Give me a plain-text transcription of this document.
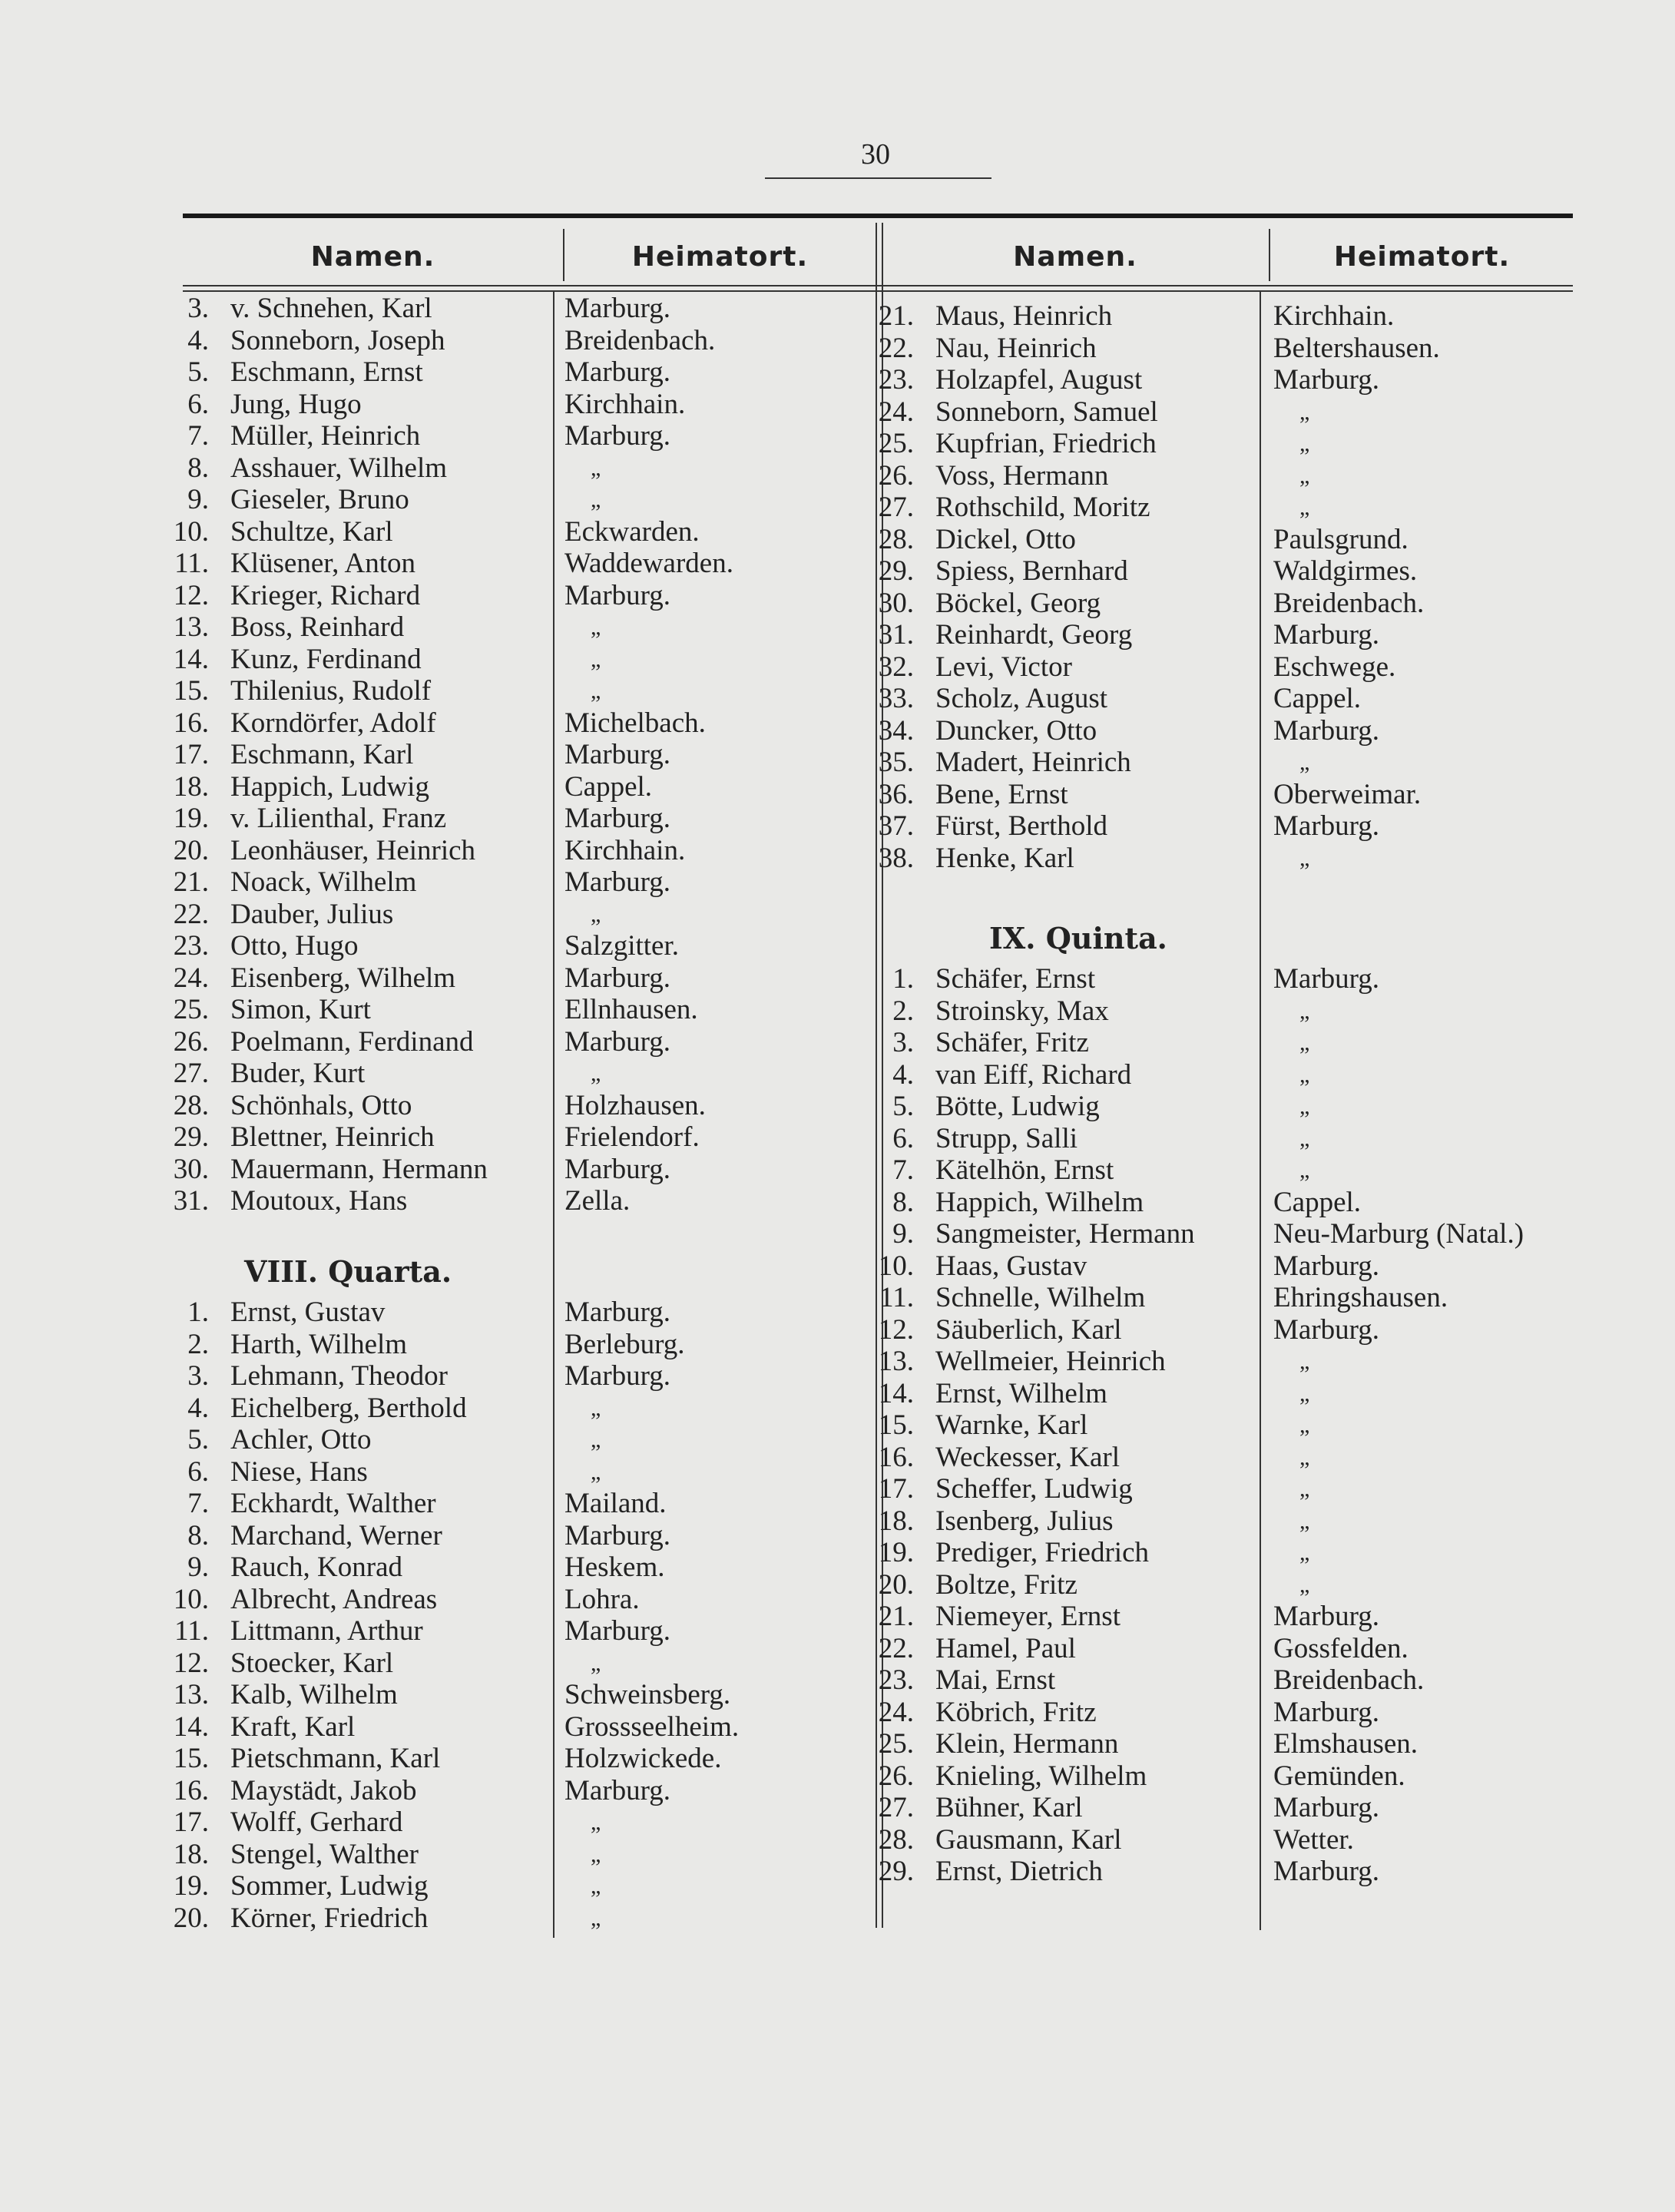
30
Namen.	Heimatort.	Namen.	Heimatort.
3. v. Schnehen, Karl	Marburg.
4. Sonneborn, Joseph	Breidenbach.
5. Eschmann, Ernst	Marburg.
6. Jung, Hugo	Kirchhain.
7. Müller, Heinrich	Marburg.
8. Asshauer, Wilhelm	„
9. Gieseler, Bruno	„
10. Schultze, Karl	Eckwarden.
11. Klüsener, Anton	Waddewarden.
12. Krieger, Richard	Marburg.
13. Boss, Reinhard	„
14. Kunz, Ferdinand	„
15. Thilenius, Rudolf	„
16. Korndörfer, Adolf	Michelbach.
17. Eschmann, Karl	Marburg.
18. Happich, Ludwig	Cappel.
19. v. Lilienthal, Franz	Marburg.
20. Leonhäuser, Heinrich	Kirchhain.
21. Noack, Wilhelm	Marburg.
22. Dauber, Julius	„
23. Otto, Hugo	Salzgitter.
24. Eisenberg, Wilhelm	Marburg.
25. Simon, Kurt	Ellnhausen.
26. Poelmann, Ferdinand	Marburg.
27. Buder, Kurt	„
28. Schönhals, Otto	Holzhausen.
29. Blettner, Heinrich	Frielendorf.
30. Mauermann, Hermann	Marburg.
31. Moutoux, Hans	Zella.
VIII. Quarta.
1. Ernst, Gustav	Marburg.
2. Harth, Wilhelm	Berleburg.
3. Lehmann, Theodor	Marburg.
4. Eichelberg, Berthold	„
5. Achler, Otto	„
6. Niese, Hans	„
7. Eckhardt, Walther	Mailand.
8. Marchand, Werner	Marburg.
9. Rauch, Konrad	Heskem.
10. Albrecht, Andreas	Lohra.
11. Littmann, Arthur	Marburg.
12. Stoecker, Karl	„
13. Kalb, Wilhelm	Schweinsberg.
14. Kraft, Karl	Grossseelheim.
15. Pietschmann, Karl	Holzwickede.
16. Maystädt, Jakob	Marburg.
17. Wolff, Gerhard	„
18. Stengel, Walther	„
19. Sommer, Ludwig	„
20. Körner, Friedrich	„
21. Maus, Heinrich	Kirchhain.
22. Nau, Heinrich	Beltershausen.
23. Holzapfel, August	Marburg.
24. Sonneborn, Samuel	„
25. Kupfrian, Friedrich	„
26. Voss, Hermann	„
27. Rothschild, Moritz	„
28. Dickel, Otto	Paulsgrund.
29. Spiess, Bernhard	Waldgirmes.
30. Böckel, Georg	Breidenbach.
31. Reinhardt, Georg	Marburg.
32. Levi, Victor	Eschwege.
33. Scholz, August	Cappel.
34. Duncker, Otto	Marburg.
35. Madert, Heinrich	„
36. Bene, Ernst	Oberweimar.
37. Fürst, Berthold	Marburg.
38. Henke, Karl	„
IX. Quinta.
1. Schäfer, Ernst	Marburg.
2. Stroinsky, Max	„
3. Schäfer, Fritz	„
4. van Eiff, Richard	„
5. Bötte, Ludwig	„
6. Strupp, Salli	„
7. Kätelhön, Ernst	„
8. Happich, Wilhelm	Cappel.
9. Sangmeister, Hermann	Neu-Marburg (Natal.)
10. Haas, Gustav	Marburg.
11. Schnelle, Wilhelm	Ehringshausen.
12. Säuberlich, Karl	Marburg.
13. Wellmeier, Heinrich	„
14. Ernst, Wilhelm	„
15. Warnke, Karl	„
16. Weckesser, Karl	„
17. Scheffer, Ludwig	„
18. Isenberg, Julius	„
19. Prediger, Friedrich	„
20. Boltze, Fritz	„
21. Niemeyer, Ernst	Marburg.
22. Hamel, Paul	Gossfelden.
23. Mai, Ernst	Breidenbach.
24. Köbrich, Fritz	Marburg.
25. Klein, Hermann	Elmshausen.
26. Knieling, Wilhelm	Gemünden.
27. Bühner, Karl	Marburg.
28. Gausmann, Karl	Wetter.
29. Ernst, Dietrich	Marburg.
